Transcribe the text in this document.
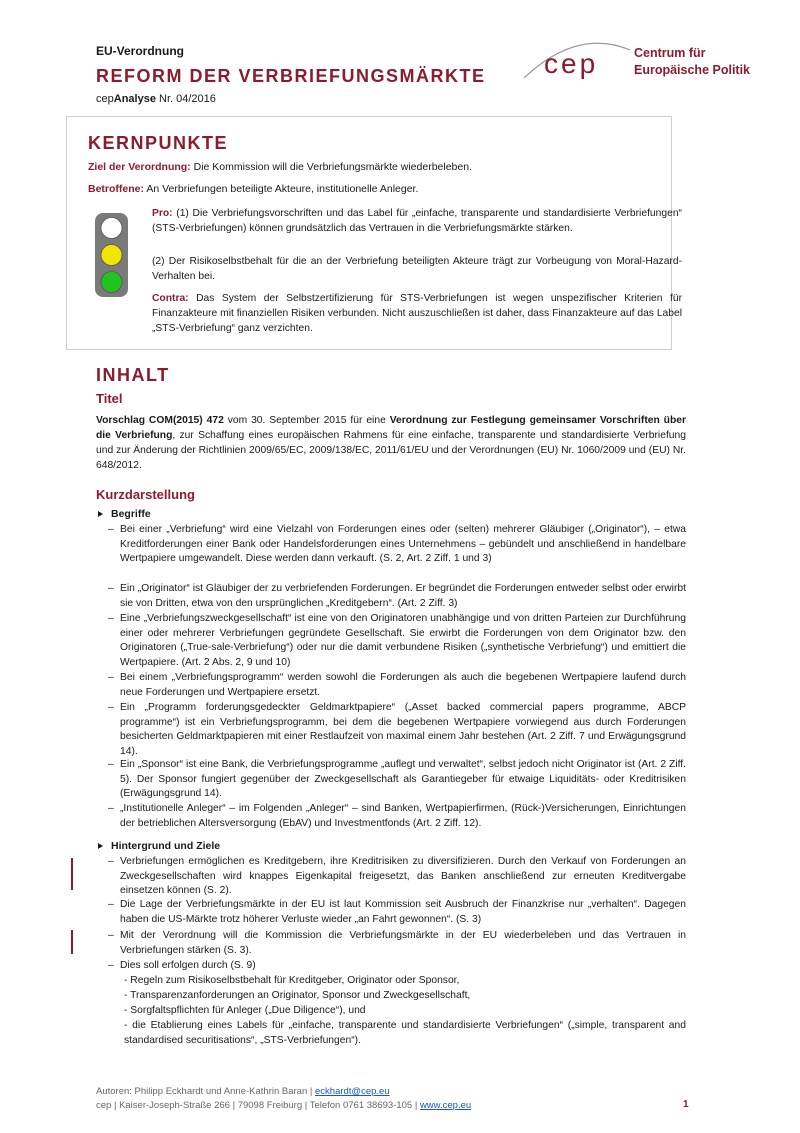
EU-Verordnung
REFORM DER VERBRIEFUNGSMÄRKTE
cepAnalyse Nr. 04/2016
cep	Centrum für
Europäische Politik
KERNPUNKTE
Ziel der Verordnung: Die Kommission will die Verbriefungsmärkte wiederbeleben.
Betroffene: An Verbriefungen beteiligte Akteure, institutionelle Anleger.
Pro: (1) Die Verbriefungsvorschriften und das Label für „einfache, transparente und standardisierte Verbriefungen“ (STS-Verbriefungen) können grundsätzlich das Vertrauen in die Verbriefungsmärkte stärken.
(2) Der Risikoselbstbehalt für die an der Verbriefung beteiligten Akteure trägt zur Vorbeugung von Moral-Hazard-Verhalten bei.
Contra: Das System der Selbstzertifizierung für STS-Verbriefungen ist wegen unspezifischer Kriterien für Finanzakteure mit finanziellen Risiken verbunden. Nicht auszuschließen ist daher, dass Finanzakteure auf das Label „STS-Verbriefung“ ganz verzichten.
INHALT
Titel
Vorschlag COM(2015) 472 vom 30. September 2015 für eine Verordnung zur Festlegung gemeinsamer Vorschriften über die Verbriefung, zur Schaffung eines europäischen Rahmens für eine einfache, transparente und standardisierte Verbriefung und zur Änderung der Richtlinien 2009/65/EC, 2009/138/EC, 2011/61/EU und der Verordnungen (EU) Nr. 1060/2009 und (EU) Nr. 648/2012.
Kurzdarstellung
Begriffe
– Bei einer „Verbriefung“ wird eine Vielzahl von Forderungen eines oder (selten) mehrerer Gläubiger („Originator“), – etwa Kreditforderungen einer Bank oder Handelsforderungen eines Unternehmens – gebündelt und anschließend in handelbare Wertpapiere umgewandelt. Diese werden dann verkauft. (S. 2, Art. 2 Ziff. 1 und 3)
– Ein „Originator“ ist Gläubiger der zu verbriefenden Forderungen. Er begründet die Forderungen entweder selbst oder erwirbt sie von Dritten, etwa von den ursprünglichen „Kreditgebern“. (Art. 2 Ziff. 3)
– Eine „Verbriefungszweckgesellschaft“ ist eine von den Originatoren unabhängige und von dritten Parteien zur Durchführung einer oder mehrerer Verbriefungen gegründete Gesellschaft. Sie erwirbt die Forderungen von dem Originator bzw. den Originatoren („True-sale-Verbriefung“) oder nur die damit verbundene Risiken („synthetische Verbriefung“) und emittiert die Wertpapiere. (Art. 2 Abs. 2, 9 und 10)
– Bei einem „Verbriefungsprogramm“ werden sowohl die Forderungen als auch die begebenen Wertpapiere laufend durch neue Forderungen und Wertpapiere ersetzt.
– Ein „Programm forderungsgedeckter Geldmarktpapiere“ („Asset backed commercial papers programme, ABCP programme“) ist ein Verbriefungsprogramm, bei dem die begebenen Wertpapiere vorwiegend aus durch Forderungen besicherten Geldmarktpapieren mit einer Restlaufzeit von maximal einem Jahr bestehen (Art. 2 Ziff. 7 und Erwägungsgrund 14).
– Ein „Sponsor“ ist eine Bank, die Verbriefungsprogramme „auflegt und verwaltet“, selbst jedoch nicht Originator ist (Art. 2 Ziff. 5). Der Sponsor fungiert gegenüber der Zweckgesellschaft als Garantiegeber für etwaige Liquiditäts- oder Kreditrisiken (Erwägungsgrund 14).
– „Institutionelle Anleger“ – im Folgenden „Anleger“ – sind Banken, Wertpapierfirmen, (Rück-)Versicherungen, Einrichtungen der betrieblichen Altersversorgung (EbAV) und Investmentfonds (Art. 2 Ziff. 12).
Hintergrund und Ziele
– Verbriefungen ermöglichen es Kreditgebern, ihre Kreditrisiken zu diversifizieren. Durch den Verkauf von Forderungen an Zweckgesellschaften wird knappes Eigenkapital freigesetzt, das Banken anschließend zur erneuten Kreditvergabe einsetzen können (S. 2).
– Die Lage der Verbriefungsmärkte in der EU ist laut Kommission seit Ausbruch der Finanzkrise nur „verhalten“. Dagegen haben die US-Märkte trotz höherer Verluste wieder „an Fahrt gewonnen“. (S. 3)
– Mit der Verordnung will die Kommission die Verbriefungsmärkte in der EU wiederbeleben und das Vertrauen in Verbriefungen stärken (S. 3).
– Dies soll erfolgen durch (S. 9)
- Regeln zum Risikoselbstbehalt für Kreditgeber, Originator oder Sponsor,
- Transparenzanforderungen an Originator, Sponsor und Zweckgesellschaft,
- Sorgfaltspflichten für Anleger („Due Diligence“), und
- die Etablierung eines Labels für „einfache, transparente und standardisierte Verbriefungen“ („simple, transparent and standardised securitisations“, „STS-Verbriefungen“).
Autoren: Philipp Eckhardt und Anne-Kathrin Baran | eckhardt@cep.eu
cep | Kaiser-Joseph-Straße 266 | 79098 Freiburg | Telefon 0761 38693-105 | www.cep.eu	1
